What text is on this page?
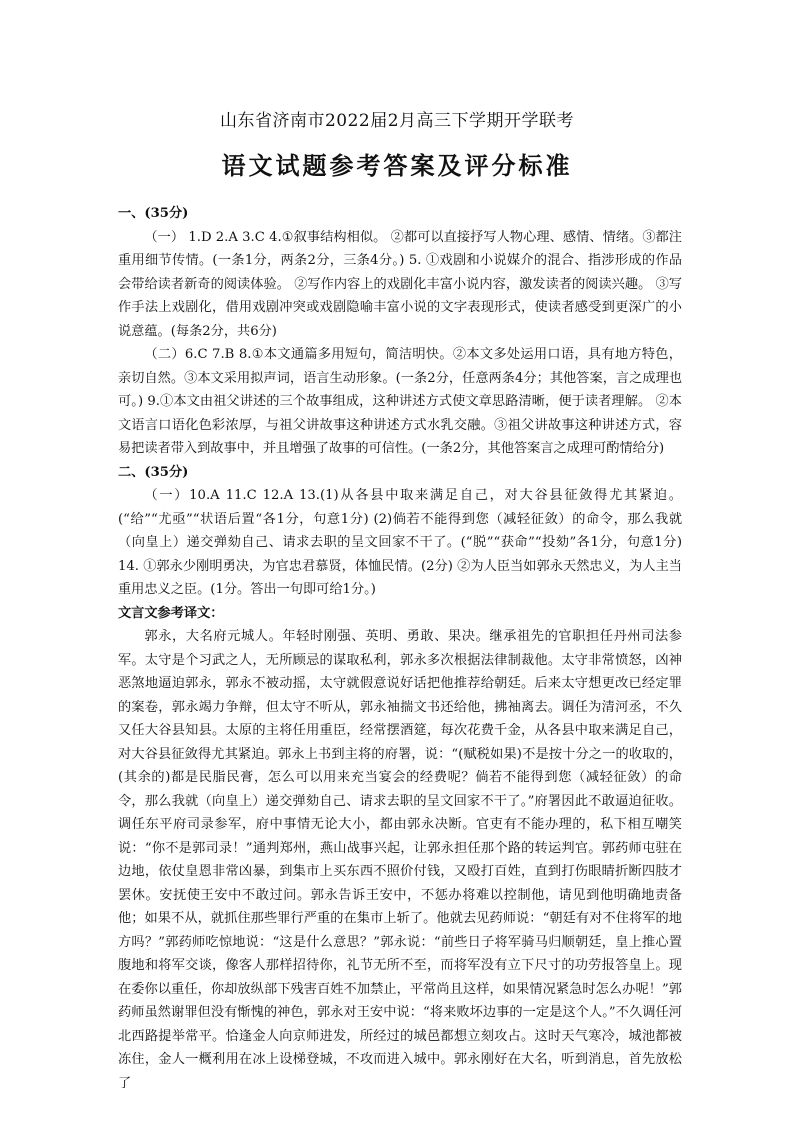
山东省济南市2022届2月高三下学期开学联考
语文试题参考答案及评分标准

一、(35分)

（一） 1.D 2.A 3.C 4.①叙事结构相似。 ②都可以直接抒写人物心理、感情、情绪。③都注重用细节传情。(一条1分，两条2分，三条4分。) 5. ①戏剧和小说媒介的混合、指涉形成的作品会带给读者新奇的阅读体验。 ②写作内容上的戏剧化丰富小说内容，激发读者的阅读兴趣。 ③写作手法上戏剧化，借用戏剧冲突或戏剧隐喻丰富小说的文字表现形式，使读者感受到更深广的小说意蕴。(每条2分，共6分)

（二）6.C 7.B 8.①本文通篇多用短句，简洁明快。②本文多处运用口语，具有地方特色，亲切自然。③本文采用拟声词，语言生动形象。(一条2分，任意两条4分；其他答案，言之成理也可。) 9.①本文由祖父讲述的三个故事组成，这种讲述方式使文章思路清晰，便于读者理解。 ②本文语言口语化色彩浓厚，与祖父讲故事这种讲述方式水乳交融。③祖父讲故事这种讲述方式，容易把读者带入到故事中，并且增强了故事的可信性。(一条2分，其他答案言之成理可酌情给分)

二、(35分)

（一）10.A 11.C 12.A 13.(1)从各县中取来满足自己，对大谷县征敛得尤其紧迫。(“给”“尤亟”“状语后置“各1分，句意1分) (2)倘若不能得到您（减轻征敛）的命令，那么我就（向皇上）递交弹劾自己、请求去职的呈文回家不干了。(“脱”“获命”“投劾”各1分，句意1分) 14. ①郭永少刚明勇决，为官忠君慕贤，体恤民情。(2分) ②为人臣当如郭永天然忠义，为人主当重用忠义之臣。(1分。答出一句即可给1分。)

文言文参考译文：

郭永，大名府元城人。年轻时刚强、英明、勇敢、果决。继承祖先的官职担任丹州司法参军。太守是个习武之人，无所顾忌的谋取私利，郭永多次根据法律制裁他。太守非常愤怒，凶神恶煞地逼迫郭永，郭永不被动摇，太守就假意说好话把他推荐给朝廷。后来太守想更改已经定罪的案卷，郭永竭力争辩，但太守不听从，郭永袖揣文书还给他，拂袖离去。调任为清河丞，不久又任大谷县知县。太原的主将任用重臣，经常摆酒筵，每次花费千金，从各县中取来满足自己，对大谷县征敛得尤其紧迫。郭永上书到主将的府署，说：“(赋税如果)不是按十分之一的收取的，(其余的)都是民脂民膏，怎么可以用来充当宴会的经费呢？倘若不能得到您（减轻征敛）的命令，那么我就（向皇上）递交弹劾自己、请求去职的呈文回家不干了。”府署因此不敢逼迫征收。调任东平府司录参军，府中事情无论大小，都由郭永决断。官吏有不能办理的，私下相互嘲笑说：“你不是郭司录！”通判郑州，燕山战事兴起，让郭永担任那个路的转运判官。郭药师屯驻在边地，依仗皇恩非常凶暴，到集市上买东西不照价付钱，又殴打百姓，直到打伤眼睛折断四肢才罢休。安抚使王安中不敢过问。郭永告诉王安中，不惩办将难以控制他，请见到他明确地责备他；如果不从，就抓住那些罪行严重的在集市上斩了。他就去见药师说：“朝廷有对不住将军的地方吗？”郭药师吃惊地说：“这是什么意思？”郭永说：“前些日子将军骑马归顺朝廷，皇上推心置腹地和将军交谈，像客人那样招待你，礼节无所不至，而将军没有立下尺寸的功劳报答皇上。现在委你以重任，你却放纵部下残害百姓不加禁止，平常尚且这样，如果情况紧急时怎么办呢！”郭药师虽然谢罪但没有惭愧的神色，郭永对王安中说：“将来败坏边事的一定是这个人。”不久调任河北西路提举常平。恰逢金人向京师进发，所经过的城邑都想立刻攻占。这时天气寒冷，城池都被冻住，金人一概利用在冰上设梯登城，不攻而进入城中。郭永刚好在大名，听到消息，首先放松了
